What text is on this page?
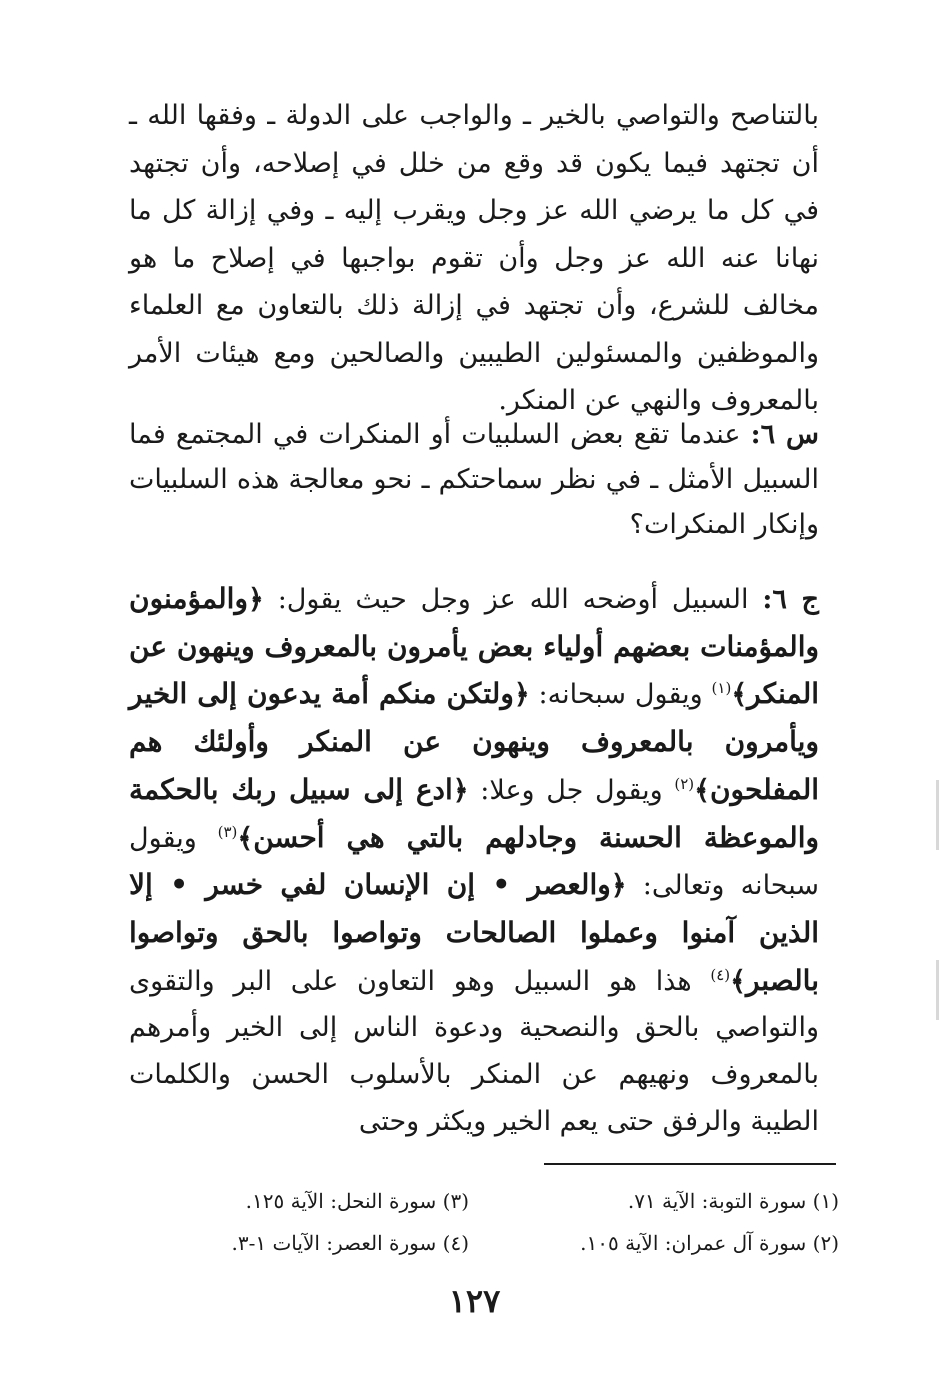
بالتناصح والتواصي بالخير ـ والواجب على الدولة ـ وفقها الله ـ أن تجتهد فيما يكون قد وقع من خلل في إصلاحه، وأن تجتهد في كل ما يرضي الله عز وجل ويقرب إليه ـ وفي إزالة كل ما نهانا عنه الله عز وجل وأن تقوم بواجبها في إصلاح ما هو مخالف للشرع، وأن تجتهد في إزالة ذلك بالتعاون مع العلماء والموظفين والمسئولين الطيبين والصالحين ومع هيئات الأمر بالمعروف والنهي عن المنكر.

س ٦: عندما تقع بعض السلبيات أو المنكرات في المجتمع فما السبيل الأمثل ـ في نظر سماحتكم ـ نحو معالجة هذه السلبيات وإنكار المنكرات؟

ج ٦: السبيل أوضحه الله عز وجل حيث يقول: ﴿والمؤمنون والمؤمنات بعضهم أولياء بعض يأمرون بالمعروف وينهون عن المنكر﴾$^{(١)}$ ويقول سبحانه: ﴿ولتكن منكم أمة يدعون إلى الخير ويأمرون بالمعروف وينهون عن المنكر وأولئك هم المفلحون﴾$^{(٢)}$ ويقول جل وعلا: ﴿ادع إلى سبيل ربك بالحكمة والموعظة الحسنة وجادلهم بالتي هي أحسن﴾$^{(٣)}$ ويقول سبحانه وتعالى: ﴿والعصر • إن الإنسان لفي خسر • إلا الذين آمنوا وعملوا الصالحات وتواصوا بالحق وتواصوا بالصبر﴾$^{(٤)}$ هذا هو السبيل وهو التعاون على البر والتقوى والتواصي بالحق والنصحية ودعوة الناس إلى الخير وأمرهم بالمعروف ونهيهم عن المنكر بالأسلوب الحسن والكلمات الطيبة والرفق حتى يعم الخير ويكثر وحتى

(١) سورة التوبة: الآية ٧١.
(٢) سورة آل عمران: الآية ١٠٥.
(٣) سورة النحل: الآية ١٢٥.
(٤) سورة العصر: الآيات ١-٣.
١٢٧
